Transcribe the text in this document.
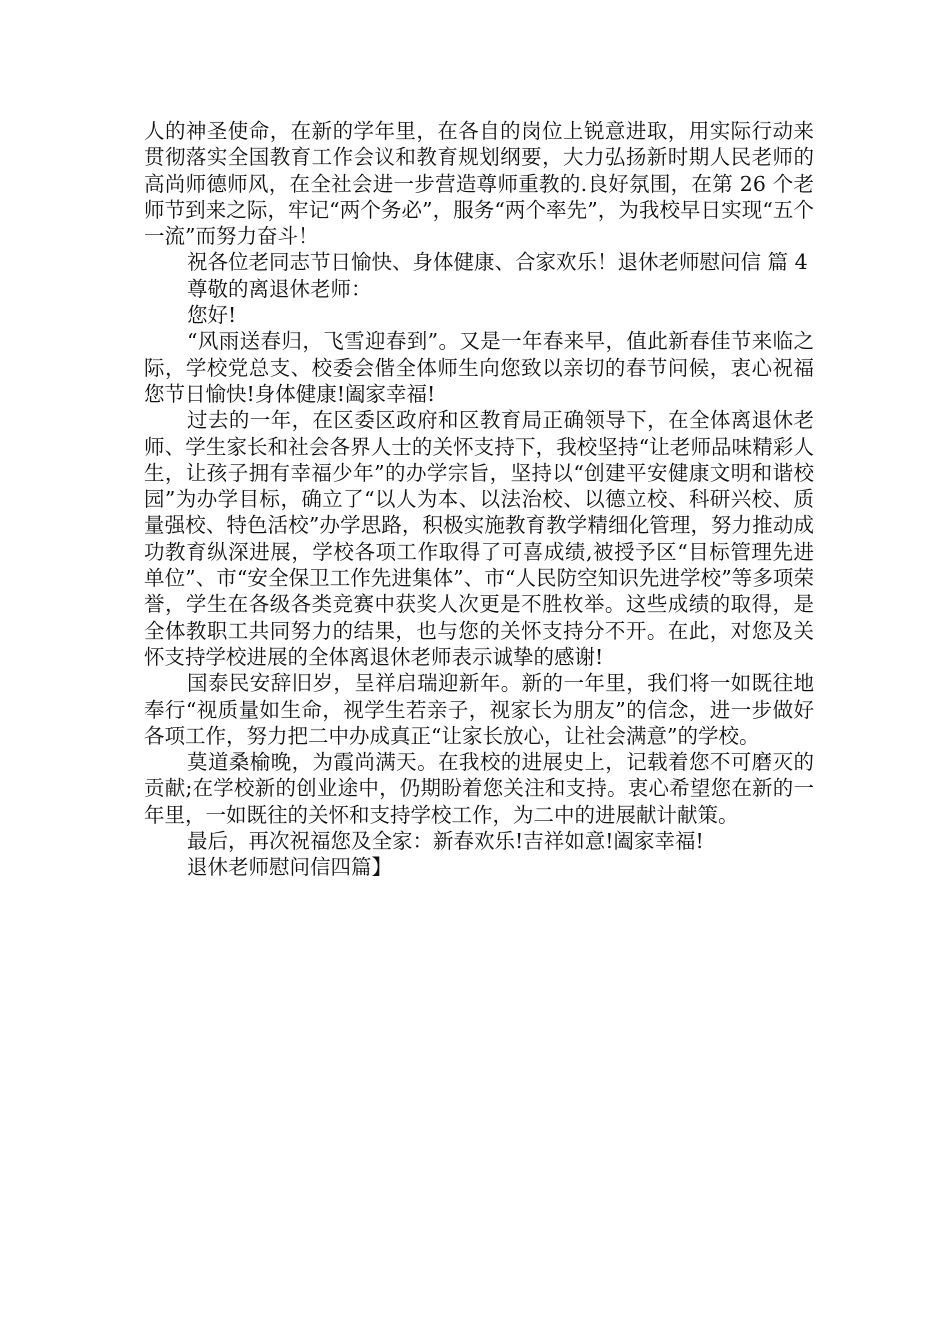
人的神圣使命，在新的学年里，在各自的岗位上锐意进取，用实际行动来 贯彻落实全国教育工作会议和教育规划纲要，大力弘扬新时期人民老师的高尚师德师风，在全社会进一步营造尊师重教的.良好氛围，在第 26 个老师节到来之际，牢记“两个务必”，服务“两个率先”，为我校早日实现“五个一流”而努力奋斗！

祝各位老同志节日愉快、身体健康、合家欢乐！退休老师慰问信 篇 4

尊敬的离退休老师：

您好!

“风雨送春归，飞雪迎春到”。又是一年春来早，值此新春佳节来临之际，学校党总支、校委会偕全体师生向您致以亲切的春节问候，衷心祝福您节日愉快!身体健康!阖家幸福!

过去的一年，在区委区政府和区教育局正确领导下，在全体离退休老师、学生家长和社会各界人士的关怀支持下，我校坚持“让老师品味精彩人生，让孩子拥有幸福少年”的办学宗旨，坚持以“创建平安健康文明和谐校园”为办学目标，确立了“以人为本、以法治校、以德立校、科研兴校、质量强校、特色活校”办学思路，积极实施教育教学精细化管理，努力推动成功教育纵深进展，学校各项工作取得了可喜成绩,被授予区“目标管理先进单位”、市“安全保卫工作先进集体”、市“人民防空知识先进学校”等多项荣誉，学生在各级各类竞赛中获奖人次更是不胜枚举。这些成绩的取得，是全体教职工共同努力的结果，也与您的关怀支持分不开。在此，对您及关怀支持学校进展的全体离退休老师表示诚挚的感谢!

国泰民安辞旧岁，呈祥启瑞迎新年。新的一年里，我们将一如既往地奉行“视质量如生命，视学生若亲子，视家长为朋友”的信念，进一步做好各项工作，努力把二中办成真正“让家长放心，让社会满意”的学校。

莫道桑榆晚，为霞尚满天。在我校的进展史上，记载着您不可磨灭的贡献;在学校新的创业途中，仍期盼着您关注和支持。衷心希望您在新的一年里，一如既往的关怀和支持学校工作，为二中的进展献计献策。

最后，再次祝福您及全家：新春欢乐!吉祥如意!阖家幸福!

退休老师慰问信四篇】
